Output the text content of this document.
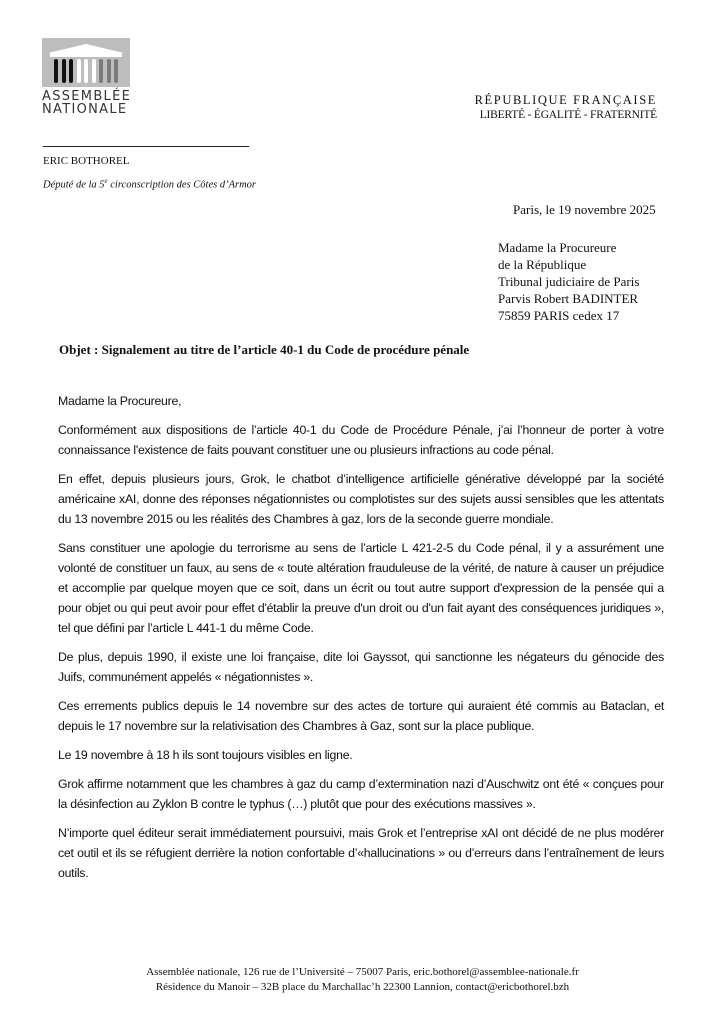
ASSEMBLÉE
NATIONALE
RÉPUBLIQUE FRANÇAISE
LIBERTÉ - ÉGALITÉ - FRATERNITÉ
ERIC BOTHOREL
Député de la 5e circonscription des Côtes d’Armor
Paris, le 19 novembre 2025
Madame la Procureure
de la République
Tribunal judiciaire de Paris
Parvis Robert BADINTER
75859 PARIS cedex 17
Objet : Signalement au titre de l’article 40-1 du Code de procédure pénale

Madame la Procureure,

Conformément aux dispositions de l’article 40-1 du Code de Procédure Pénale, j’ai l’honneur de porter à votre connaissance l'existence de faits pouvant constituer une ou plusieurs infractions au code pénal.

En effet, depuis plusieurs jours, Grok, le chatbot d’intelligence artificielle générative développé par la société américaine xAI, donne des réponses négationnistes ou complotistes sur des sujets aussi sensibles que les attentats du 13 novembre 2015 ou les réalités des Chambres à gaz, lors de la seconde guerre mondiale.

Sans constituer une apologie du terrorisme au sens de l’article L 421-2-5 du Code pénal, il y a assurément une volonté de constituer un faux, au sens de « toute altération frauduleuse de la vérité, de nature à causer un préjudice et accomplie par quelque moyen que ce soit, dans un écrit ou tout autre support d'expression de la pensée qui a pour objet ou qui peut avoir pour effet d'établir la preuve d'un droit ou d'un fait ayant des conséquences juridiques », tel que défini par l’article L 441-1 du même Code.

De plus, depuis 1990, il existe une loi française, dite loi Gayssot, qui sanctionne les négateurs du génocide des Juifs, communément appelés « négationnistes ».

Ces errements publics depuis le 14 novembre sur des actes de torture qui auraient été commis au Bataclan, et depuis le 17 novembre sur la relativisation des Chambres à Gaz, sont sur la place publique.

Le 19 novembre à 18 h ils sont toujours visibles en ligne.

Grok affirme notamment que les chambres à gaz du camp d’extermination nazi d’Auschwitz ont été « conçues pour la désinfection au Zyklon B contre le typhus (…) plutôt que pour des exécutions massives ».

N’importe quel éditeur serait immédiatement poursuivi, mais Grok et l’entreprise xAI ont décidé de ne plus modérer cet outil et ils se réfugient derrière la notion confortable d’«hallucinations » ou d’erreurs dans l’entraînement de leurs outils.

Assemblée nationale, 126 rue de l’Université – 75007 Paris, eric.bothorel@assemblee-nationale.fr
Résidence du Manoir – 32B place du Marchallac’h 22300 Lannion, contact@ericbothorel.bzh
